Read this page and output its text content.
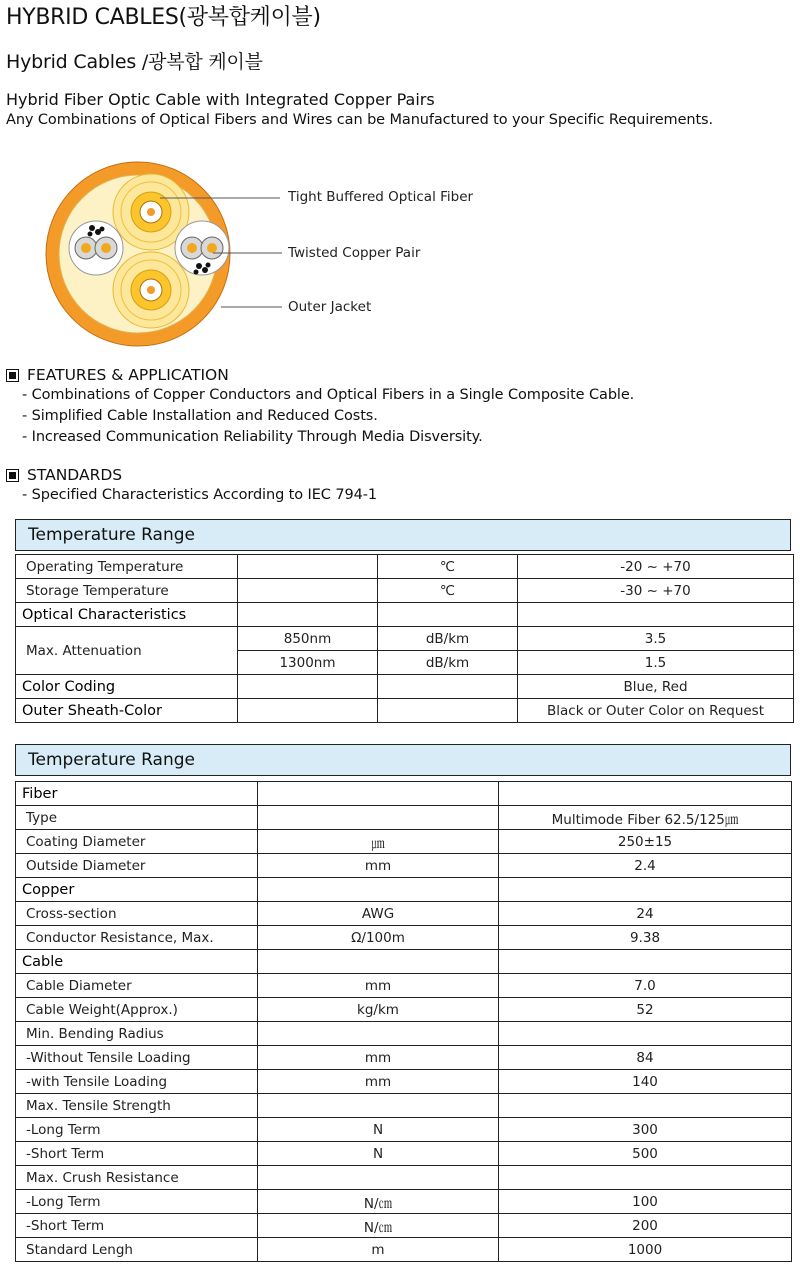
HYBRID CABLES(광복합케이블)
Hybrid Cables /광복합 케이블
Hybrid Fiber Optic Cable with Integrated Copper Pairs
Any Combinations of Optical Fibers and Wires can be Manufactured to your Specific Requirements.
Tight Buffered Optical Fiber
Twisted Copper Pair
Outer Jacket
FEATURES & APPLICATION
- Combinations of Copper Conductors and Optical Fibers in a Single Composite Cable.
- Simplified Cable Installation and Reduced Costs.
- Increased Communication Reliability Through Media Disversity.
STANDARDS
- Specified Characteristics According to IEC 794-1
Temperature Range
Operating Temperature		℃	-20 ~ +70
Storage Temperature		℃	-30 ~ +70
Optical Characteristics			
Max. Attenuation	850nm	dB/km	3.5
	1300nm	dB/km	1.5
Color Coding			Blue, Red
Outer Sheath-Color			Black or Outer Color on Request
Temperature Range
Fiber		
Type		Multimode Fiber 62.5/125㎛
Coating Diameter	㎛	250±15
Outside Diameter	mm	2.4
Copper		
Cross-section	AWG	24
Conductor Resistance, Max.	Ω/100m	9.38
Cable		
Cable Diameter	mm	7.0
Cable Weight(Approx.)	kg/km	52
Min. Bending Radius		
-Without Tensile Loading	mm	84
-with Tensile Loading	mm	140
Max. Tensile Strength		
-Long Term	N	300
-Short Term	N	500
Max. Crush Resistance		
-Long Term	N/㎝	100
-Short Term	N/㎝	200
Standard Lengh	m	1000
